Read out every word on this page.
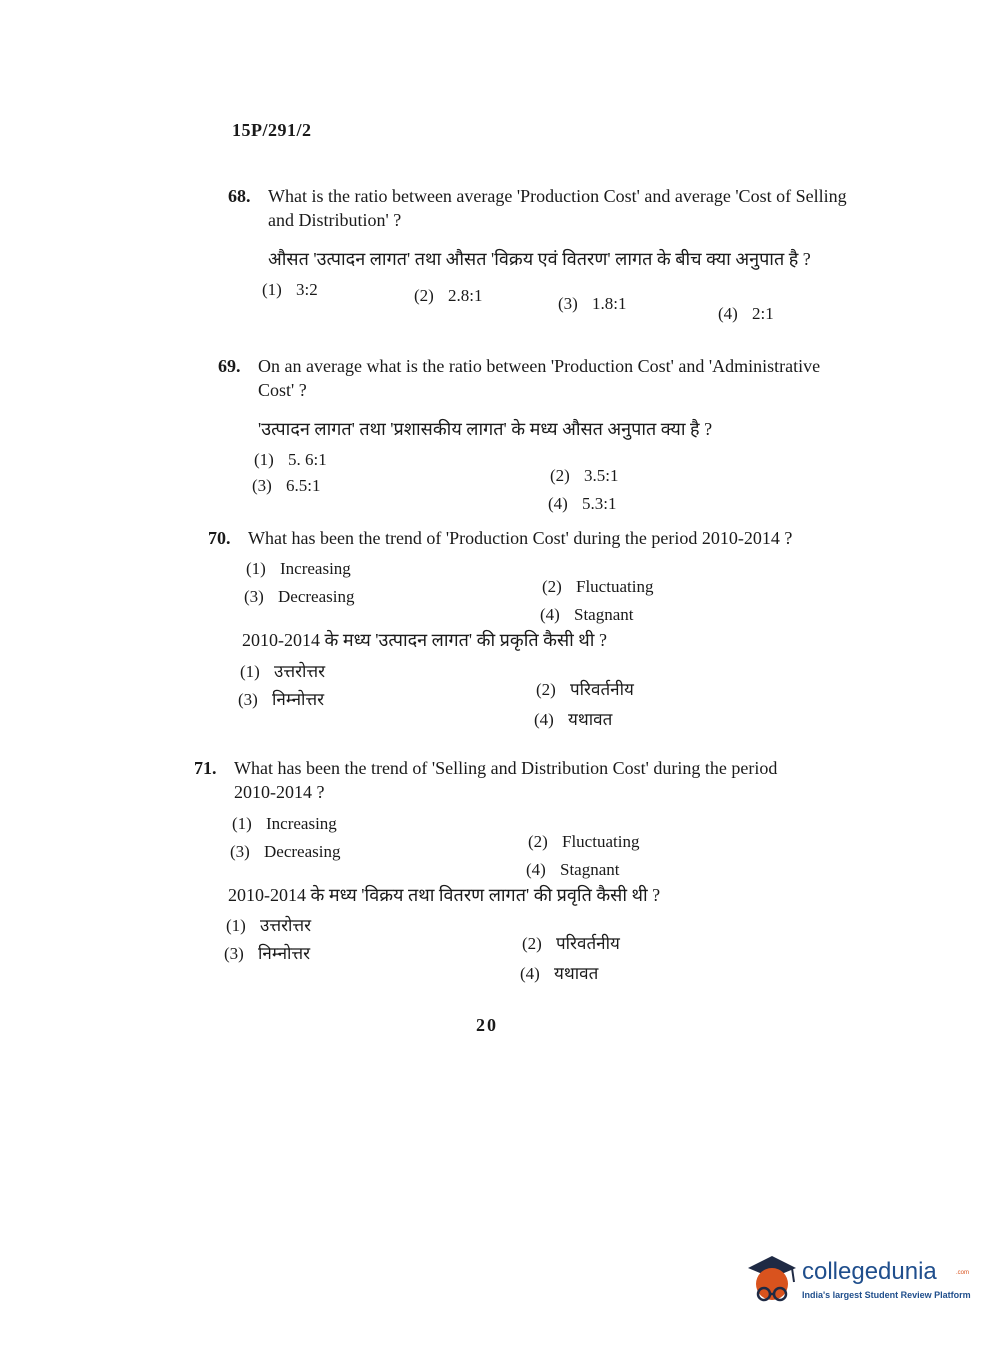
15P/291/2
68. What is the ratio between average 'Production Cost' and average 'Cost of Selling and Distribution' ?

औसत 'उत्पादन लागत' तथा औसत 'विक्रय एवं वितरण' लागत के बीच क्या अनुपात है ?

(1) 3:2	(2) 2.8:1	(3) 1.8:1
(4) 2:1
69. On an average what is the ratio between 'Production Cost' and 'Administrative Cost' ?

'उत्पादन लागत' तथा 'प्रशासकीय लागत' के मध्य औसत अनुपात क्या है ?

(1) 5. 6:1
(2) 3.5:1
(3) 6.5:1
(4) 5.3:1
70. What has been the trend of 'Production Cost' during the period 2010-2014 ?

(1) Increasing
(2) Fluctuating
(3) Decreasing
(4) Stagnant

2010-2014 के मध्य 'उत्पादन लागत' की प्रकृति कैसी थी ?

(1) उत्तरोत्तर
(2) परिवर्तनीय
(3) निम्नोत्तर
(4) यथावत
71. What has been the trend of 'Selling and Distribution Cost' during the period 2010-2014 ?

(1) Increasing
(2) Fluctuating
(3) Decreasing
(4) Stagnant

2010-2014 के मध्य 'विक्रय तथा वितरण लागत' की प्रवृति कैसी थी ?

(1) उत्तरोत्तर
(2) परिवर्तनीय
(3) निम्नोत्तर
(4) यथावत
20
collegedunia	.com
India's largest Student Review Platform
